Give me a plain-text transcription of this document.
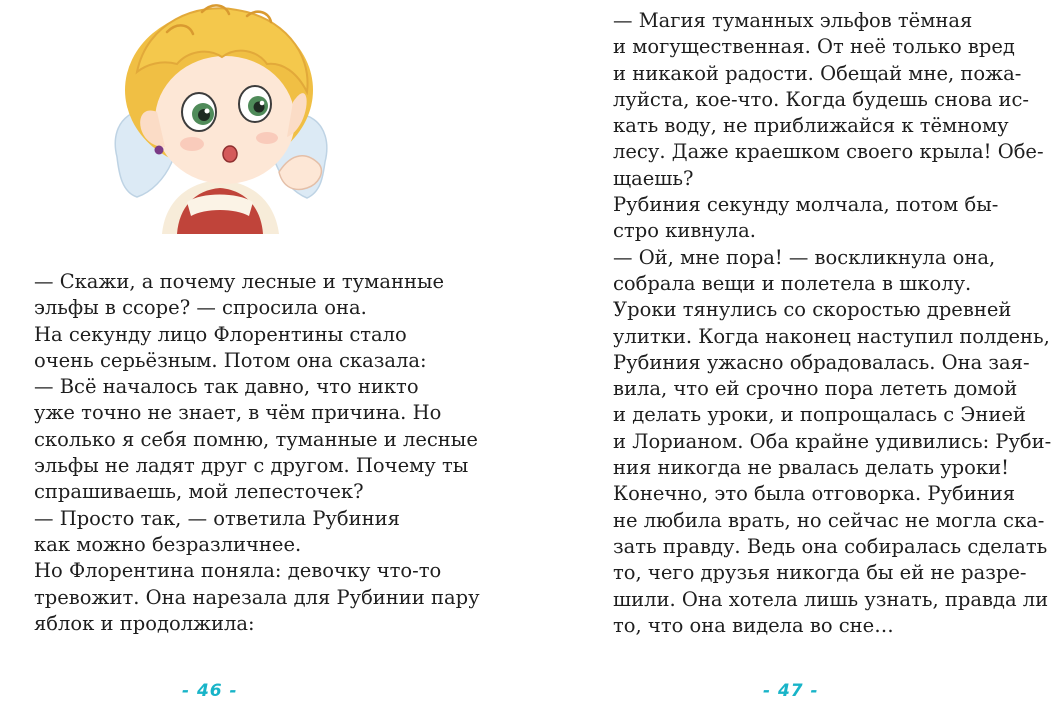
— Скажи, а почему лесные и туманные
эльфы в ссоре? — спросила она.

На секунду лицо Флорентины стало
очень серьёзным. Потом она сказала:

— Всё началось так давно, что никто
уже точно не знает, в чём причина. Но
сколько я себя помню, туманные и лесные
эльфы не ладят друг с другом. Почему ты
спрашиваешь, мой лепесточек?

— Просто так, — ответила Рубиния
как можно безразличнее.

Но Флорентина поняла: девочку что-то
тревожит. Она нарезала для Рубинии пару
яблок и продолжила:

- 46 -

— Магия туманных эльфов тёмная
и могущественная. От неё только вред
и никакой радости. Обещай мне, пожа-
луйста, кое-что. Когда будешь снова ис-
кать воду, не приближайся к тёмному
лесу. Даже краешком своего крыла! Обе-
щаешь?

Рубиния секунду молчала, потом бы-
стро кивнула.

— Ой, мне пора! — воскликнула она,
собрала вещи и полетела в школу.

Уроки тянулись со скоростью древней
улитки. Когда наконец наступил полдень,
Рубиния ужасно обрадовалась. Она зая-
вила, что ей срочно пора лететь домой
и делать уроки, и попрощалась с Энией
и Лорианом. Оба крайне удивились: Руби-
ния никогда не рвалась делать уроки!

Конечно, это была отговорка. Рубиния
не любила врать, но сейчас не могла ска-
зать правду. Ведь она собиралась сделать
то, чего друзья никогда бы ей не разре-
шили. Она хотела лишь узнать, правда ли
то, что она видела во сне…

- 47 -
